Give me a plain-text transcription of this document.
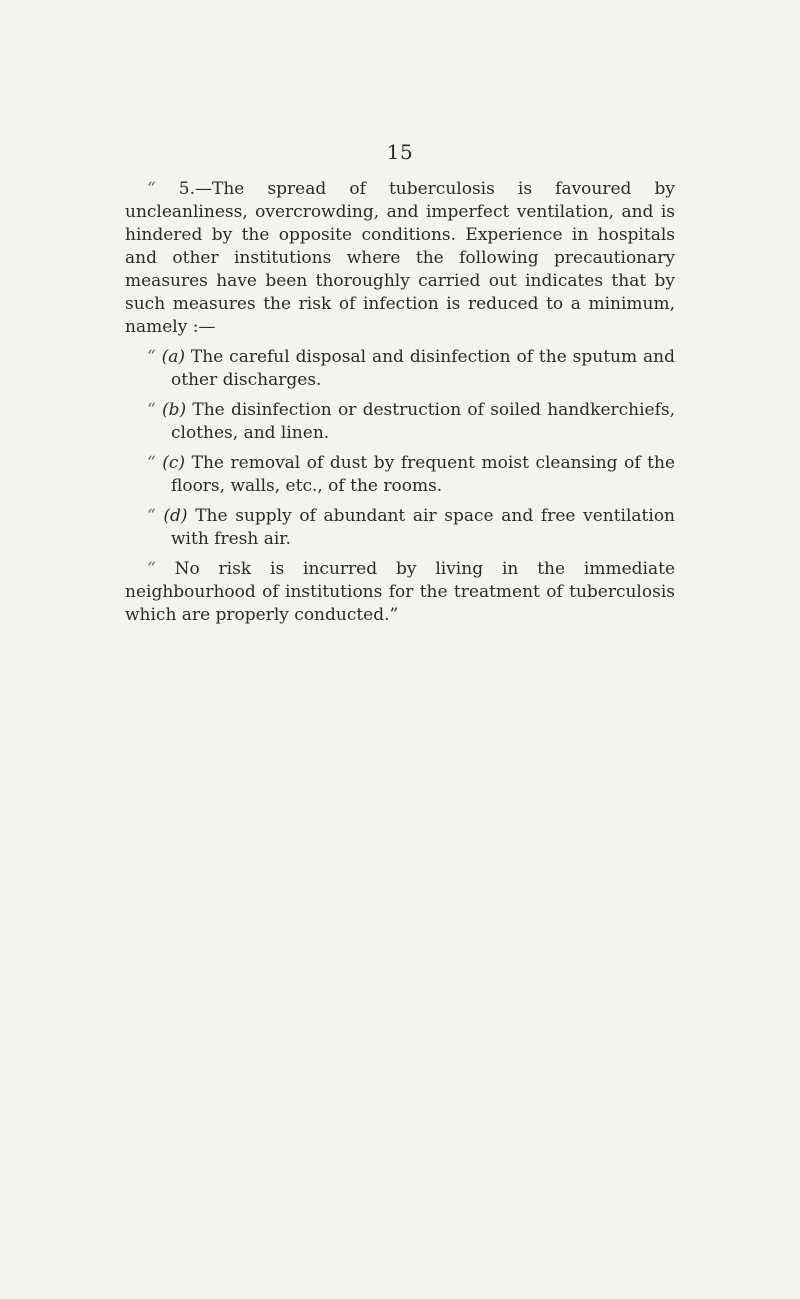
15

“ 5.—The spread of tuberculosis is favoured by uncleanliness, overcrowding, and imperfect ventilation, and is hindered by the opposite conditions. Experience in hospitals and other institutions where the following precautionary measures have been thoroughly carried out indicates that by such measures the risk of infection is reduced to a minimum, namely :—

“ (a) The careful disposal and disinfection of the sputum and other discharges.
“ (b) The disinfection or destruction of soiled handkerchiefs, clothes, and linen.
“ (c) The removal of dust by frequent moist cleansing of the floors, walls, etc., of the rooms.
“ (d) The supply of abundant air space and free ventilation with fresh air.

“ No risk is incurred by living in the immediate neighbourhood of institutions for the treatment of tuberculosis which are properly conducted.”
